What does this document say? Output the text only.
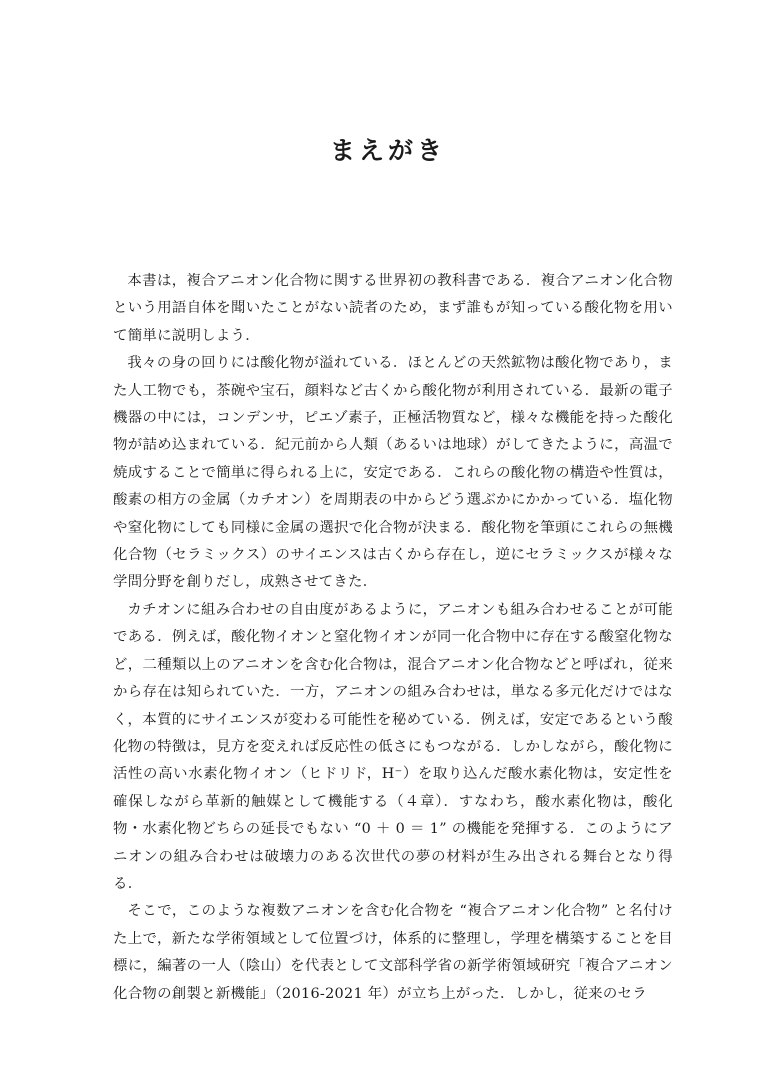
まえがき

本書は，複合アニオン化合物に関する世界初の教科書である．複合アニオン化合物という用語自体を聞いたことがない読者のため，まず誰もが知っている酸化物を用いて簡単に説明しよう．

我々の身の回りには酸化物が溢れている．ほとんどの天然鉱物は酸化物であり，また人工物でも，茶碗や宝石，顔料など古くから酸化物が利用されている．最新の電子機器の中には，コンデンサ，ピエゾ素子，正極活物質など，様々な機能を持った酸化物が詰め込まれている．紀元前から人類（あるいは地球）がしてきたように，高温で焼成することで簡単に得られる上に，安定である．これらの酸化物の構造や性質は，酸素の相方の金属（カチオン）を周期表の中からどう選ぶかにかかっている．塩化物や窒化物にしても同様に金属の選択で化合物が決まる．酸化物を筆頭にこれらの無機化合物（セラミックス）のサイエンスは古くから存在し，逆にセラミックスが様々な学問分野を創りだし，成熟させてきた．

カチオンに組み合わせの自由度があるように，アニオンも組み合わせることが可能である．例えば，酸化物イオンと窒化物イオンが同一化合物中に存在する酸窒化物など，二種類以上のアニオンを含む化合物は，混合アニオン化合物などと呼ばれ，従来から存在は知られていた．一方，アニオンの組み合わせは，単なる多元化だけではなく，本質的にサイエンスが変わる可能性を秘めている．例えば，安定であるという酸化物の特徴は，見方を変えれば反応性の低さにもつながる．しかしながら，酸化物に活性の高い水素化物イオン（ヒドリド，H⁻）を取り込んだ酸水素化物は，安定性を確保しながら革新的触媒として機能する（４章）．すなわち，酸水素化物は，酸化物・水素化物どちらの延長でもない “0 ＋ 0 ＝ 1” の機能を発揮する．このようにアニオンの組み合わせは破壊力のある次世代の夢の材料が生み出される舞台となり得る．

そこで，このような複数アニオンを含む化合物を “複合アニオン化合物” と名付けた上で，新たな学術領域として位置づけ，体系的に整理し，学理を構築することを目標に，編著の一人（陰山）を代表として文部科学省の新学術領域研究「複合アニオン化合物の創製と新機能」（2016-2021 年）が立ち上がった．しかし，従来のセラ
